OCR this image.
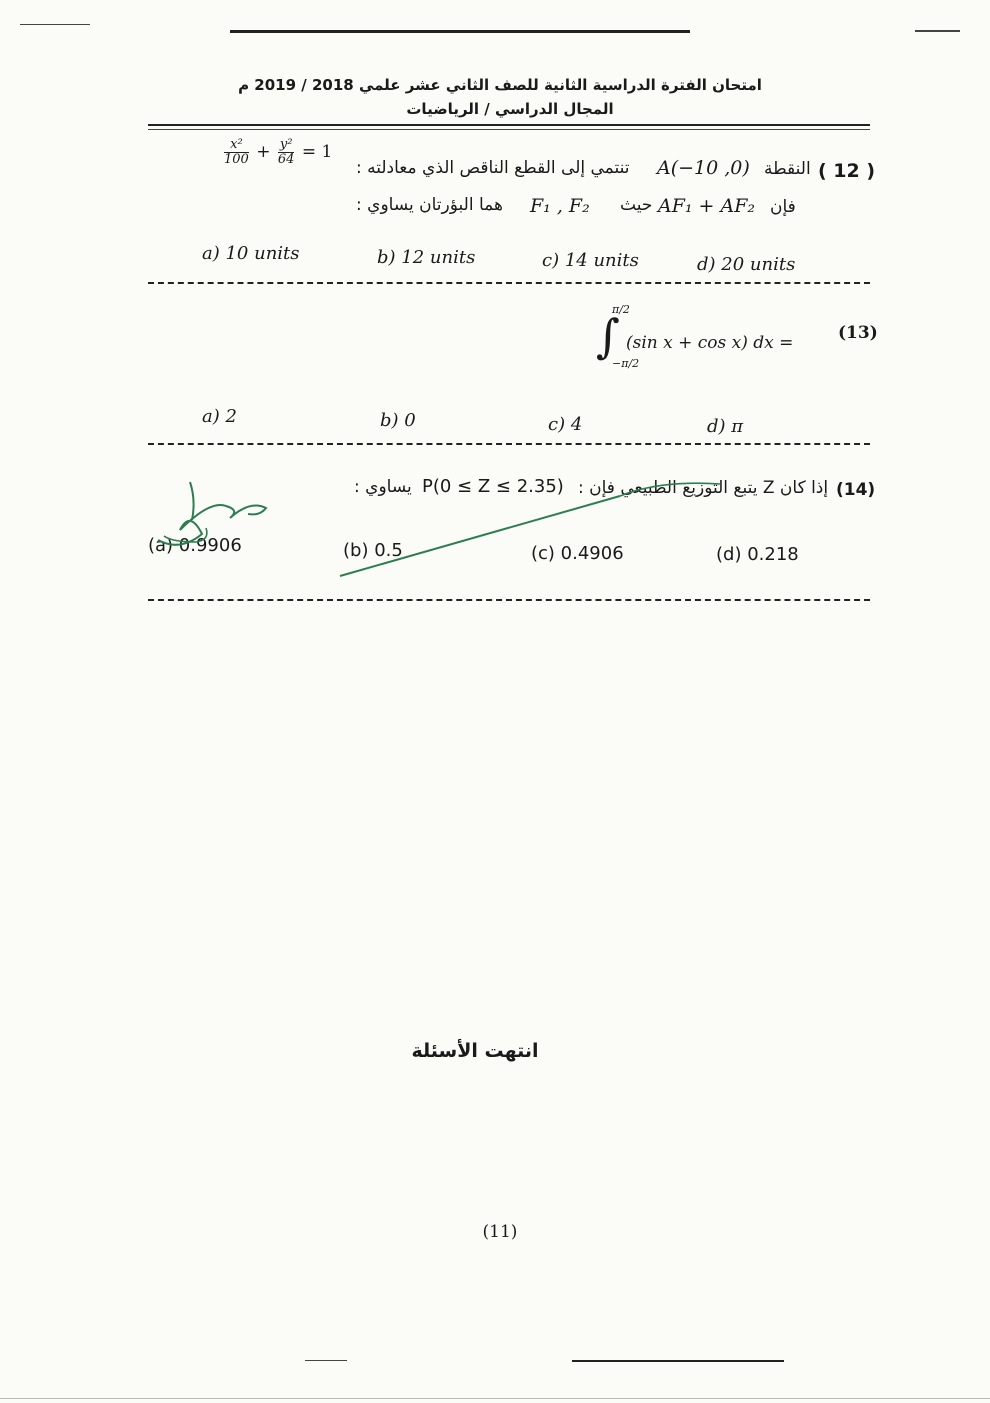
امتحان الفترة الدراسية الثانية للصف الثاني عشر علمي 2018 / 2019 م
المجال الدراسي / الرياضيات
$\frac{\text{x²}}{100} + \frac{\text{y²}}{64} = 1$
تنتمي إلى القطع الناقص الذي معادلته : A(−10 ,0) النقطة ( 12 )
هما البؤرتان يساوي : F₁ , F₂ حيث AF₁ + AF₂ فإن
a) 10 units	b) 12 units	c) 14 units	d) 20 units
∫
π/2
−π/2
(sin x + cos x) dx =	(13)
a) 2	b) 0	c) 4	d) π
يساوي : P(0 ≤ Z ≤ 2.35) إذا كان Z يتبع التوزيع الطبيعي فإن : (14)
(a) 0.9906	(b) 0.5	(c) 0.4906	(d) 0.218
انتهت الأسئلة
(11)
